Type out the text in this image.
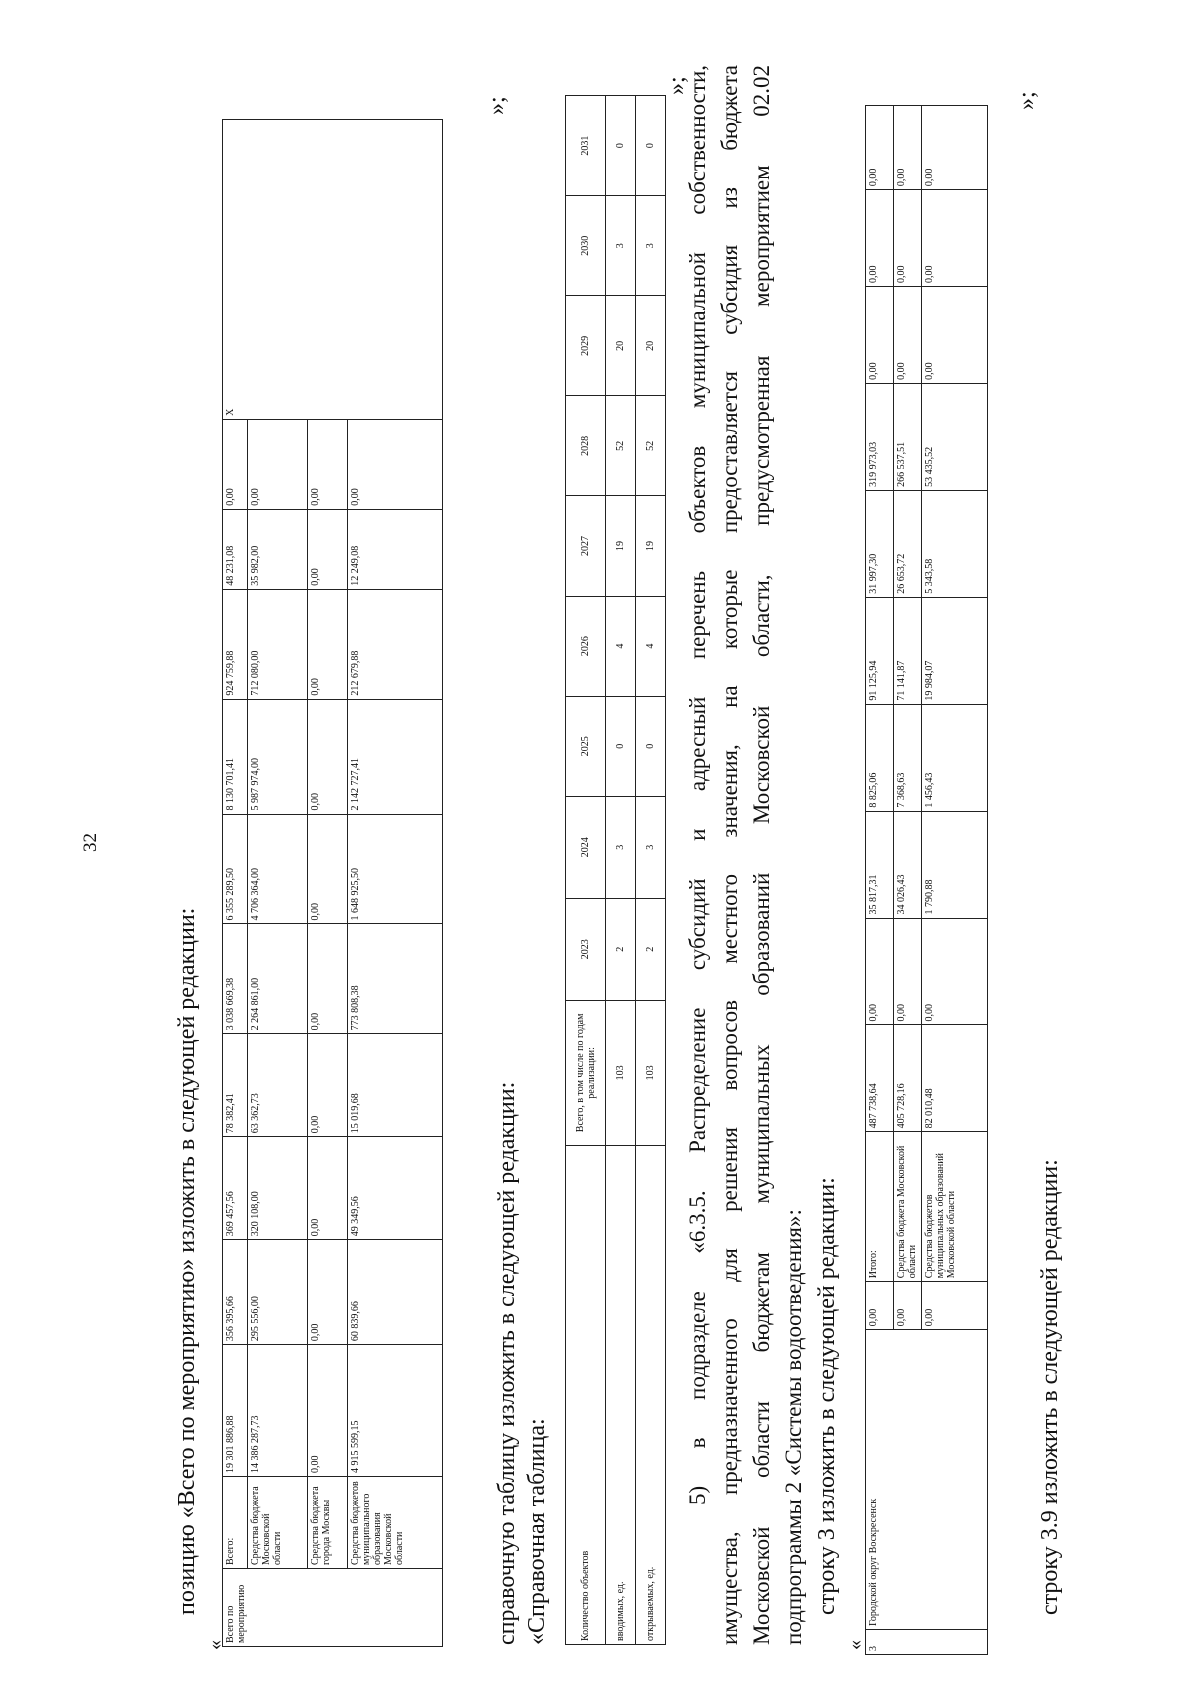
32
позицию «Всего по мероприятию» изложить в следующей редакции:
«
Всего по мероприятию	Всего:	19 301 886,88	356 395,66	369 457,56	78 382,41	3 038 669,38	6 355 289,50	8 130 701,41	924 759,88	48 231,08	0,00	X
	Средства бюджета Московской области	14 386 287,73	295 556,00	320 108,00	63 362,73	2 264 861,00	4 706 364,00	5 987 974,00	712 080,00	35 982,00	0,00	
	Средства бюджета города Москвы	0,00	0,00	0,00	0,00	0,00	0,00	0,00	0,00	0,00	0,00	
	Средства бюджетов муниципального образования Московской области	4 915 599,15	60 839,66	49 349,56	15 019,68	773 808,38	1 648 925,50	2 142 727,41	212 679,88	12 249,08	0,00	
»;
справочную таблицу изложить в следующей редакции: «Справочная таблица:	Количество объектов	Всего, в том числе по годам реализации:	2023	2024	2025	2026	2027	2028	2029	2030	2031
вводимых, ед.	103	2	3	0	4	19	52	20	3	0
открываемых, ед.	103	2	3	0	4	19	52	20	3	0
»;
5) в подразделе «6.3.5. Распределение субсидий и адресный перечень объектов муниципальной собственности, имущества, предназначенного для решения вопросов местного значения, на которые предоставляется субсидия из бюджета Московской области бюджетам муниципальных образований Московской области, предусмотренная мероприятием 02.02 подпрограммы 2 «Системы водоотведения»: строку 3 изложить в следующей редакции:
« 3	Городской округ Воскресенск	0,00	Итого:	487 738,64	0,00	35 817,31	8 825,06	91 125,94	31 997,30	319 973,03	0,00	0,00	0,00
		0,00	Средства бюджета Московской области	405 728,16	0,00	34 026,43	7 368,63	71 141,87	26 653,72	266 537,51	0,00	0,00	0,00
		0,00	Средства бюджетов муниципальных образований Московской области	82 010,48	0,00	1 790,88	1 456,43	19 984,07	5 343,58	53 435,52	0,00	0,00	0,00
»;
строку 3.9 изложить в следующей редакции:
